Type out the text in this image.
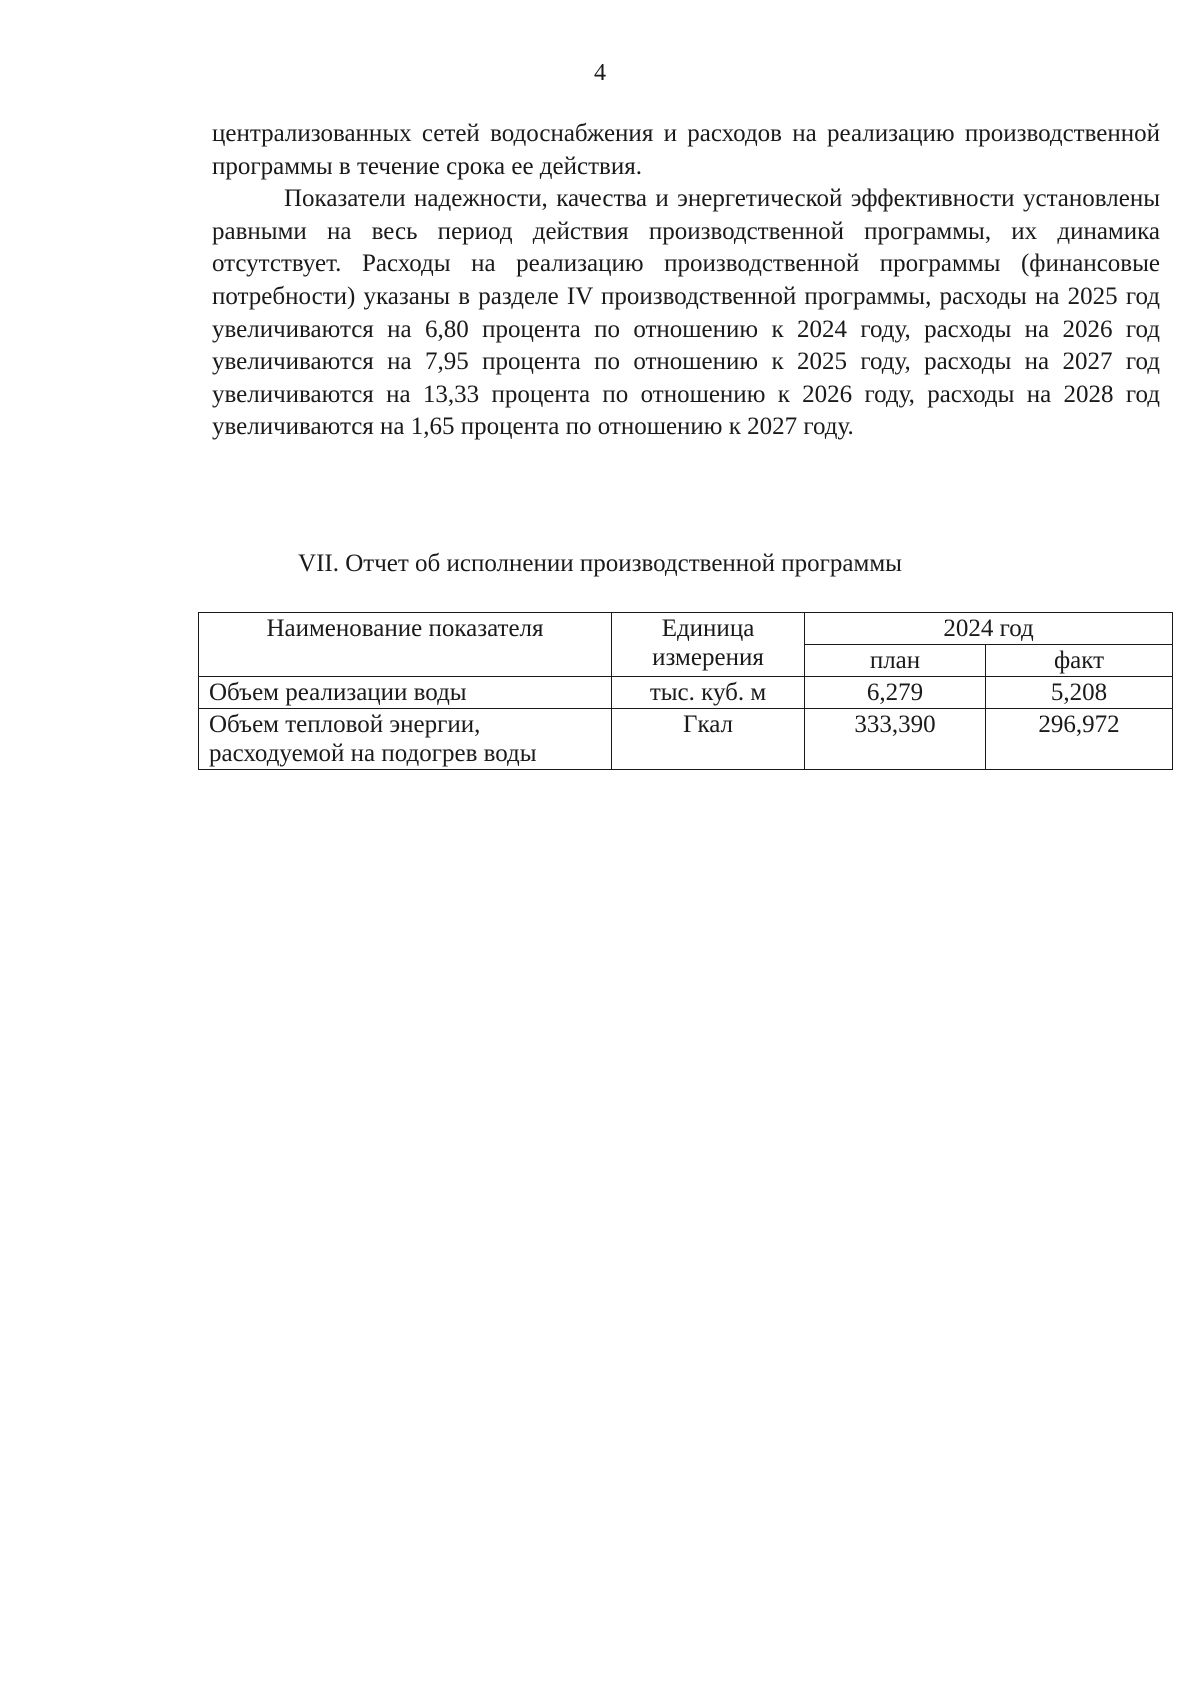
4

централизованных сетей водоснабжения и расходов на реализацию производственной программы в течение срока ее действия.

Показатели надежности, качества и энергетической эффективности установлены равными на весь период действия производственной программы, их динамика отсутствует. Расходы на реализацию производственной программы (финансовые потребности) указаны в разделе IV производственной программы, расходы на 2025 год увеличиваются на 6,80 процента по отношению к 2024 году, расходы на 2026 год увеличиваются на 7,95 процента по отношению к 2025 году, расходы на 2027 год увеличиваются на 13,33 процента по отношению к 2026 году, расходы на 2028 год увеличиваются на 1,65 процента по отношению к 2027 году.

VII. Отчет об исполнении производственной программы
Наименование показателя	Единица измерения	2024 год	
		план	факт
Объем реализации воды	тыс. куб. м	6,279	5,208
Объем тепловой энергии, расходуемой на подогрев воды	Гкал	333,390	296,972
